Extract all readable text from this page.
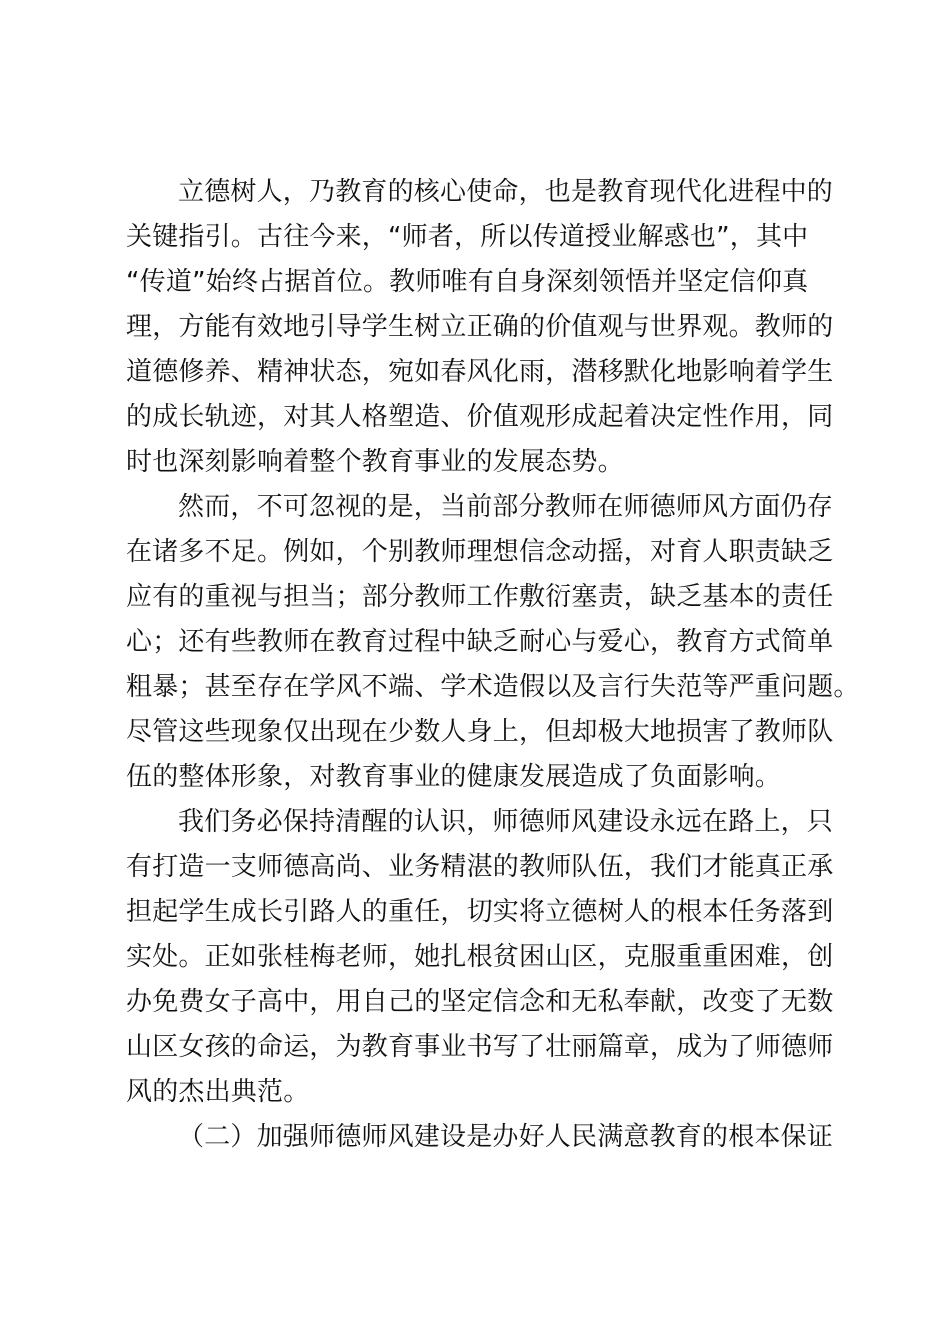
立德树人，乃教育的核心使命，也是教育现代化进程中的
关键指引。古往今来，“师者，所以传道授业解惑也”，其中
“传道”始终占据首位。教师唯有自身深刻领悟并坚定信仰真
理，方能有效地引导学生树立正确的价值观与世界观。教师的
道德修养、精神状态，宛如春风化雨，潜移默化地影响着学生
的成长轨迹，对其人格塑造、价值观形成起着决定性作用，同
时也深刻影响着整个教育事业的发展态势。
然而，不可忽视的是，当前部分教师在师德师风方面仍存
在诸多不足。例如，个别教师理想信念动摇，对育人职责缺乏
应有的重视与担当；部分教师工作敷衍塞责，缺乏基本的责任
心；还有些教师在教育过程中缺乏耐心与爱心，教育方式简单
粗暴；甚至存在学风不端、学术造假以及言行失范等严重问题。
尽管这些现象仅出现在少数人身上，但却极大地损害了教师队
伍的整体形象，对教育事业的健康发展造成了负面影响。
我们务必保持清醒的认识，师德师风建设永远在路上，只
有打造一支师德高尚、业务精湛的教师队伍，我们才能真正承
担起学生成长引路人的重任，切实将立德树人的根本任务落到
实处。正如张桂梅老师，她扎根贫困山区，克服重重困难，创
办免费女子高中，用自己的坚定信念和无私奉献，改变了无数
山区女孩的命运，为教育事业书写了壮丽篇章，成为了师德师
风的杰出典范。
（二）加强师德师风建设是办好人民满意教育的根本保证
